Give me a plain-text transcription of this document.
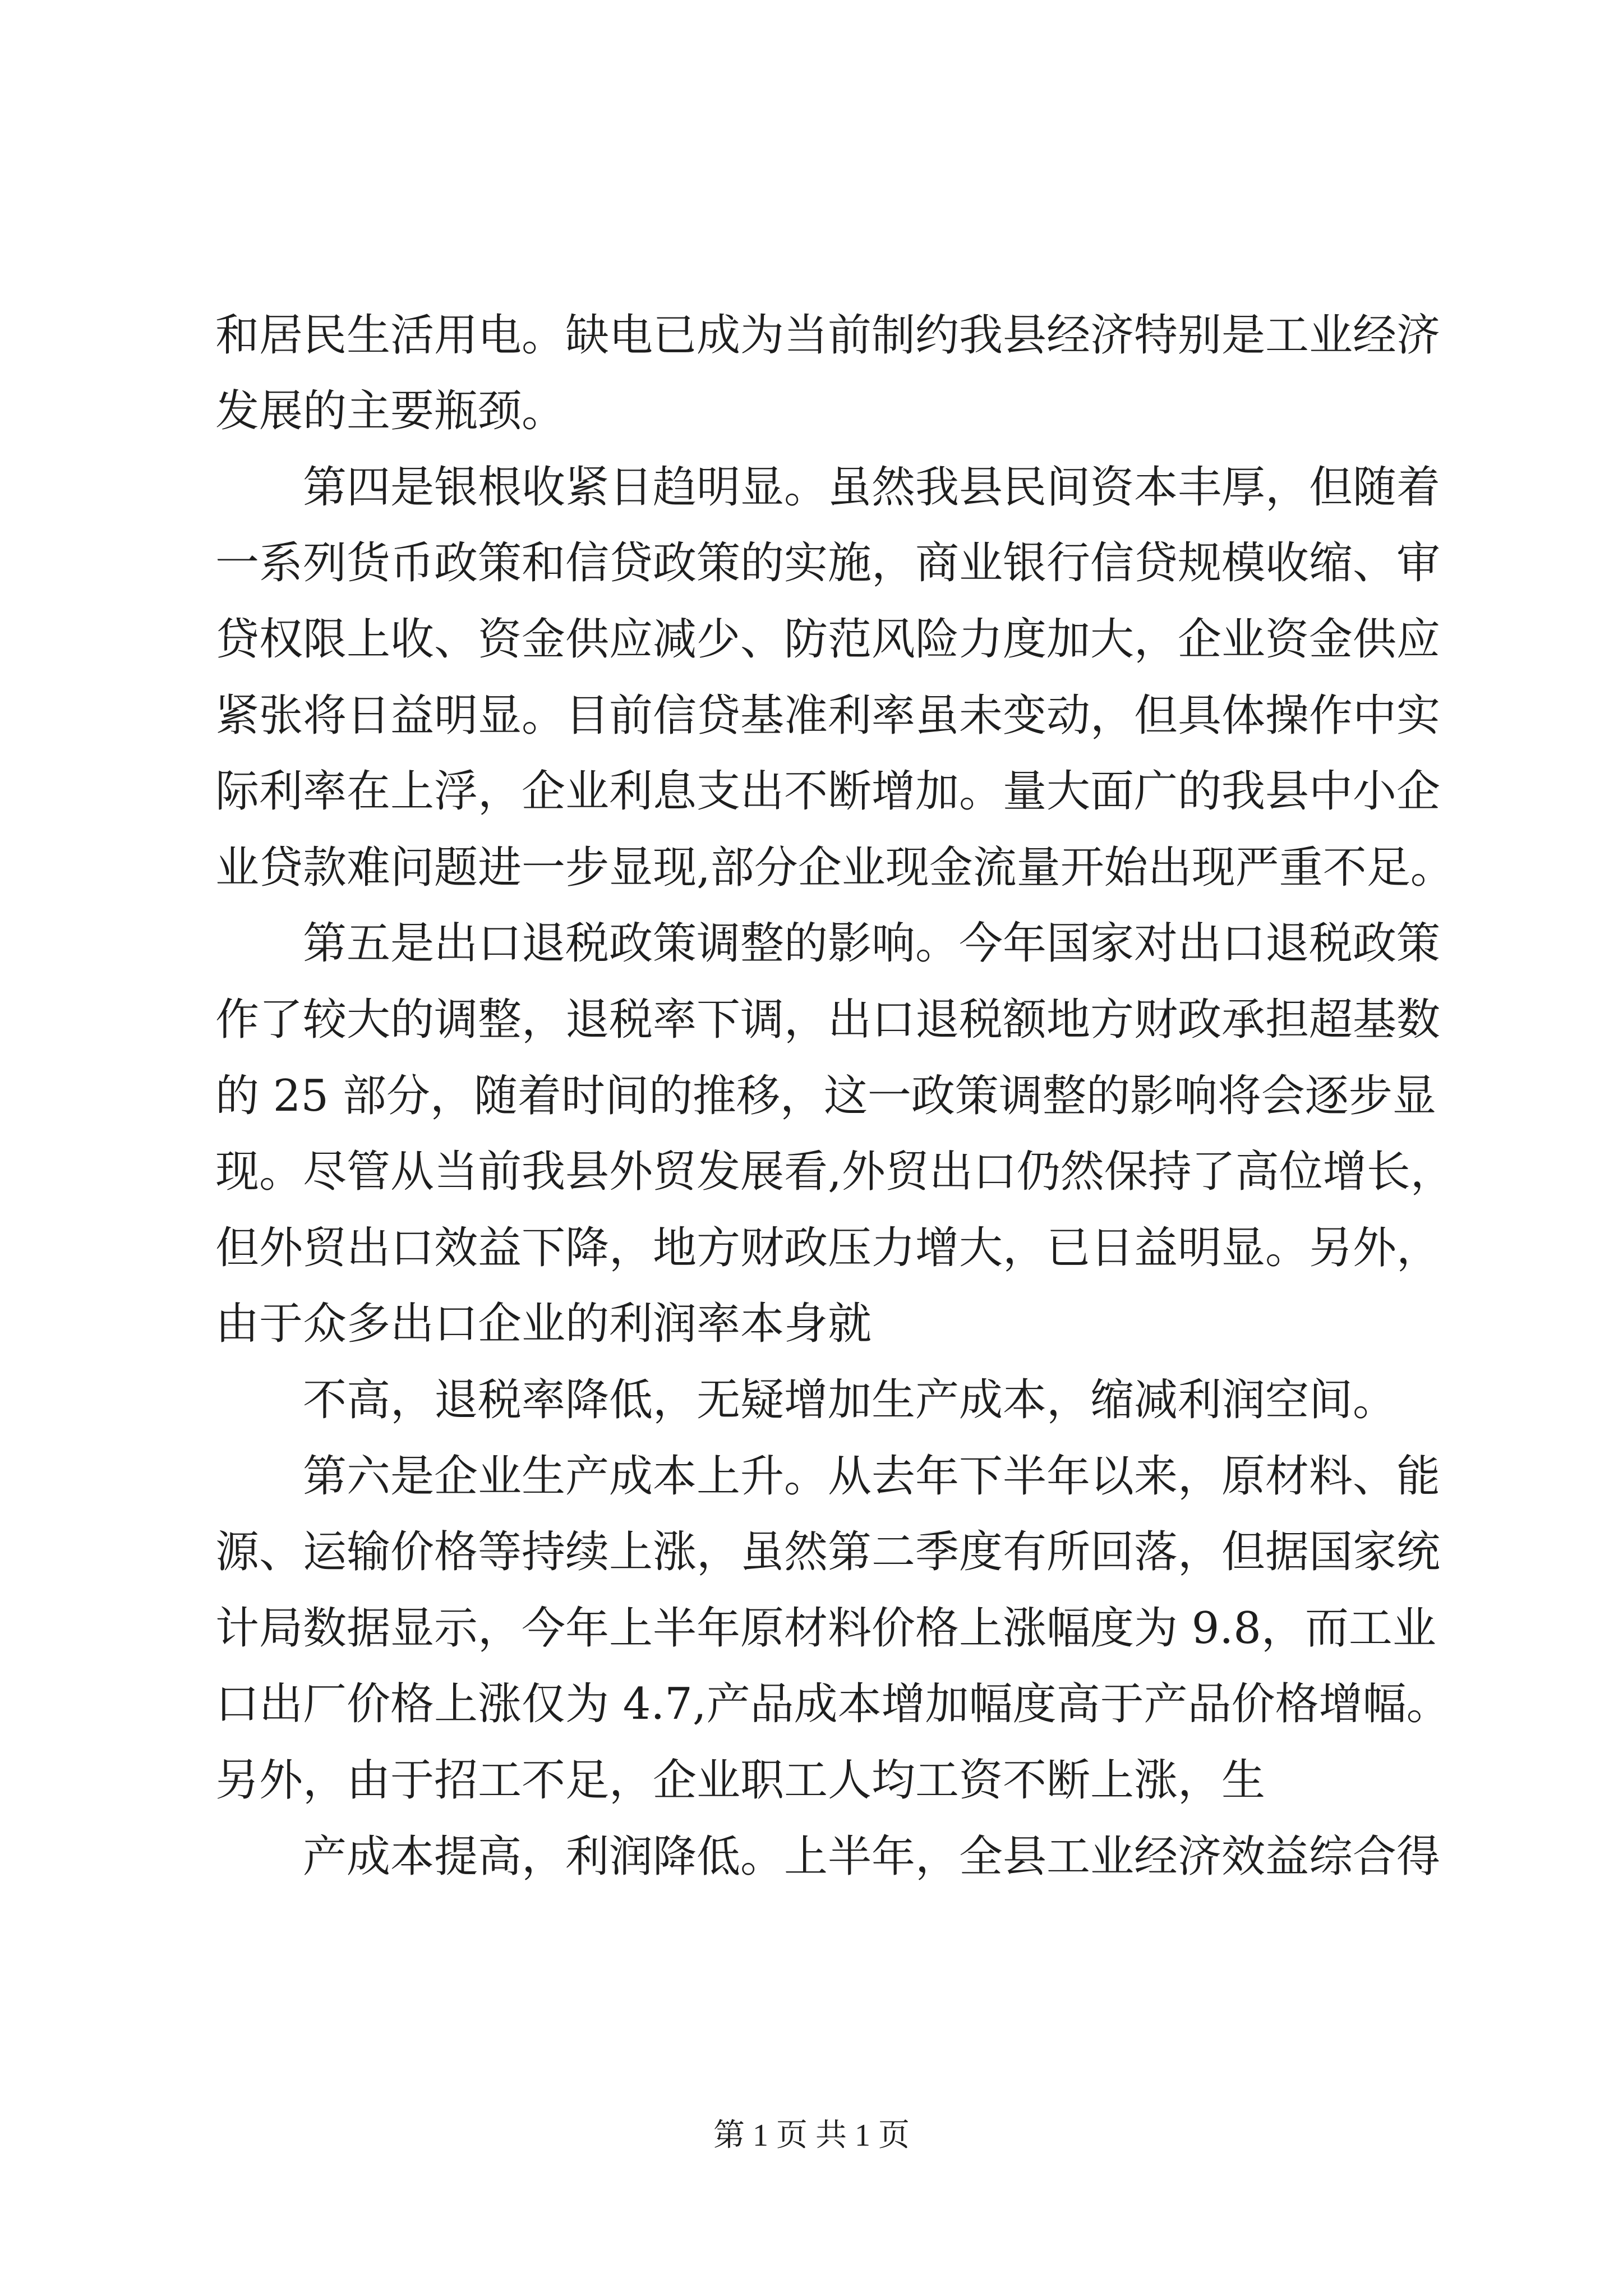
和居民生活用电。缺电已成为当前制约我县经济特别是工业经济
发展的主要瓶颈。
第四是银根收紧日趋明显。虽然我县民间资本丰厚，但随着
一系列货币政策和信贷政策的实施，商业银行信贷规模收缩、审
贷权限上收、资金供应减少、防范风险力度加大，企业资金供应
紧张将日益明显。目前信贷基准利率虽未变动，但具体操作中实
际利率在上浮，企业利息支出不断增加。量大面广的我县中小企
业贷款难问题进一步显现,部分企业现金流量开始出现严重不足。
第五是出口退税政策调整的影响。今年国家对出口退税政策
作了较大的调整，退税率下调，出口退税额地方财政承担超基数
的 25 部分，随着时间的推移，这一政策调整的影响将会逐步显
现。尽管从当前我县外贸发展看,外贸出口仍然保持了高位增长，
但外贸出口效益下降，地方财政压力增大，已日益明显。另外，
由于众多出口企业的利润率本身就
不高，退税率降低，无疑增加生产成本，缩减利润空间。
第六是企业生产成本上升。从去年下半年以来，原材料、能
源、运输价格等持续上涨，虽然第二季度有所回落，但据国家统
计局数据显示，今年上半年原材料价格上涨幅度为 9.8，而工业
口出厂价格上涨仅为 4.7,产品成本增加幅度高于产品价格增幅。
另外，由于招工不足，企业职工人均工资不断上涨，生
产成本提高，利润降低。上半年，全县工业经济效益综合得
第 1 页 共 1 页
